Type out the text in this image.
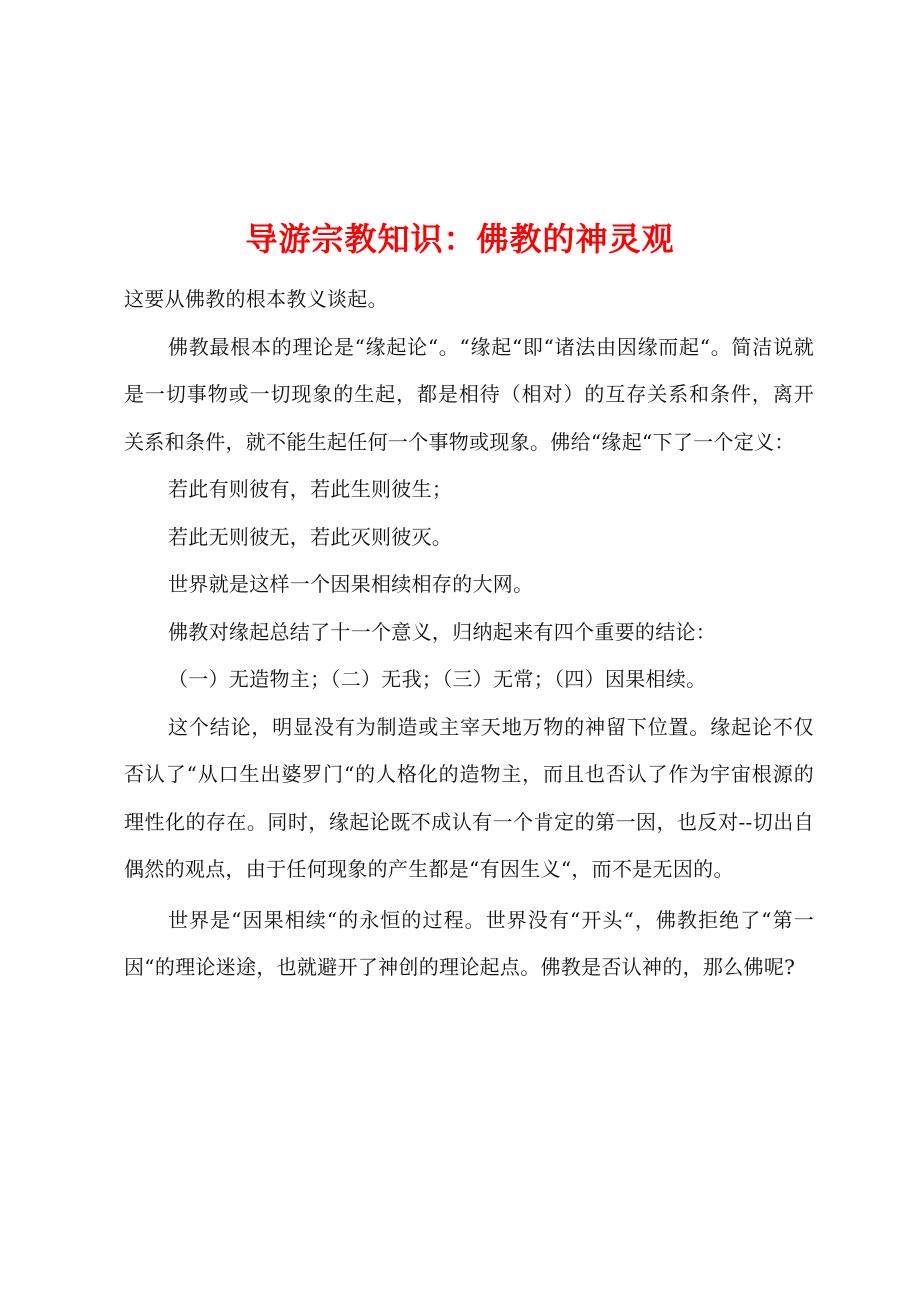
导游宗教知识：佛教的神灵观

这要从佛教的根本教义谈起。

佛教最根本的理论是“缘起论“。“缘起“即“诸法由因缘而起“。简洁说就是一切事物或一切现象的生起，都是相待（相对）的互存关系和条件，离开关系和条件，就不能生起任何一个事物或现象。佛给“缘起“下了一个定义：

若此有则彼有，若此生则彼生；

若此无则彼无，若此灭则彼灭。

世界就是这样一个因果相续相存的大网。

佛教对缘起总结了十一个意义，归纳起来有四个重要的结论：

（一）无造物主；（二）无我；（三）无常；（四）因果相续。

这个结论，明显没有为制造或主宰天地万物的神留下位置。缘起论不仅否认了“从口生出婆罗门“的人格化的造物主，而且也否认了作为宇宙根源的理性化的存在。同时，缘起论既不成认有一个肯定的第一因，也反对--切出自偶然的观点，由于任何现象的产生都是“有因生义“，而不是无因的。

世界是“因果相续“的永恒的过程。世界没有“开头“，佛教拒绝了“第一因“的理论迷途，也就避开了神创的理论起点。佛教是否认神的，那么佛呢?
